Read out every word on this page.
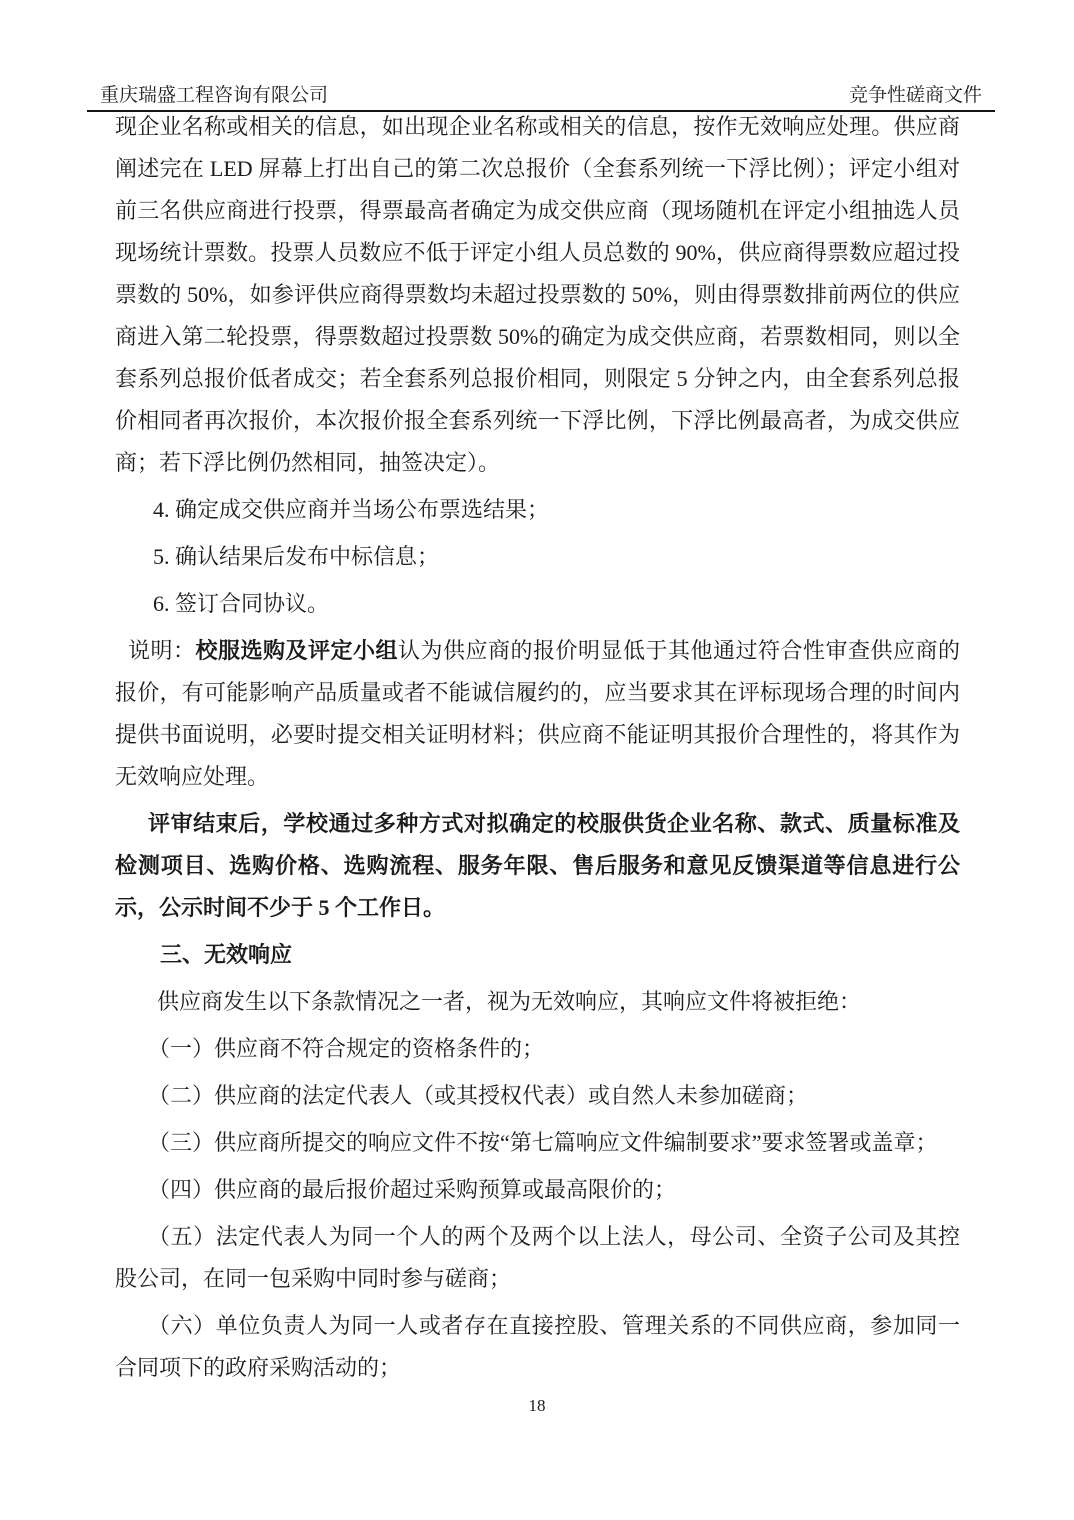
重庆瑞盛工程咨询有限公司	竞争性磋商文件

现企业名称或相关的信息，如出现企业名称或相关的信息，按作无效响应处理。供应商阐述完在 LED 屏幕上打出自己的第二次总报价（全套系列统一下浮比例）；评定小组对前三名供应商进行投票，得票最高者确定为成交供应商（现场随机在评定小组抽选人员现场统计票数。投票人员数应不低于评定小组人员总数的 90%，供应商得票数应超过投票数的 50%，如参评供应商得票数均未超过投票数的 50%，则由得票数排前两位的供应商进入第二轮投票，得票数超过投票数 50%的确定为成交供应商，若票数相同，则以全套系列总报价低者成交；若全套系列总报价相同，则限定 5 分钟之内，由全套系列总报价相同者再次报价，本次报价报全套系列统一下浮比例，下浮比例最高者，为成交供应商；若下浮比例仍然相同，抽签决定）。

4. 确定成交供应商并当场公布票选结果；

5. 确认结果后发布中标信息；

6. 签订合同协议。

说明：校服选购及评定小组认为供应商的报价明显低于其他通过符合性审查供应商的报价，有可能影响产品质量或者不能诚信履约的，应当要求其在评标现场合理的时间内提供书面说明，必要时提交相关证明材料；供应商不能证明其报价合理性的，将其作为无效响应处理。

评审结束后，学校通过多种方式对拟确定的校服供货企业名称、款式、质量标准及检测项目、选购价格、选购流程、服务年限、售后服务和意见反馈渠道等信息进行公示，公示时间不少于 5 个工作日。

三、无效响应

供应商发生以下条款情况之一者，视为无效响应，其响应文件将被拒绝：

（一）供应商不符合规定的资格条件的；

（二）供应商的法定代表人（或其授权代表）或自然人未参加磋商；

（三）供应商所提交的响应文件不按“第七篇响应文件编制要求”要求签署或盖章；

（四）供应商的最后报价超过采购预算或最高限价的；

（五）法定代表人为同一个人的两个及两个以上法人，母公司、全资子公司及其控股公司，在同一包采购中同时参与磋商；

（六）单位负责人为同一人或者存在直接控股、管理关系的不同供应商，参加同一合同项下的政府采购活动的；

18
